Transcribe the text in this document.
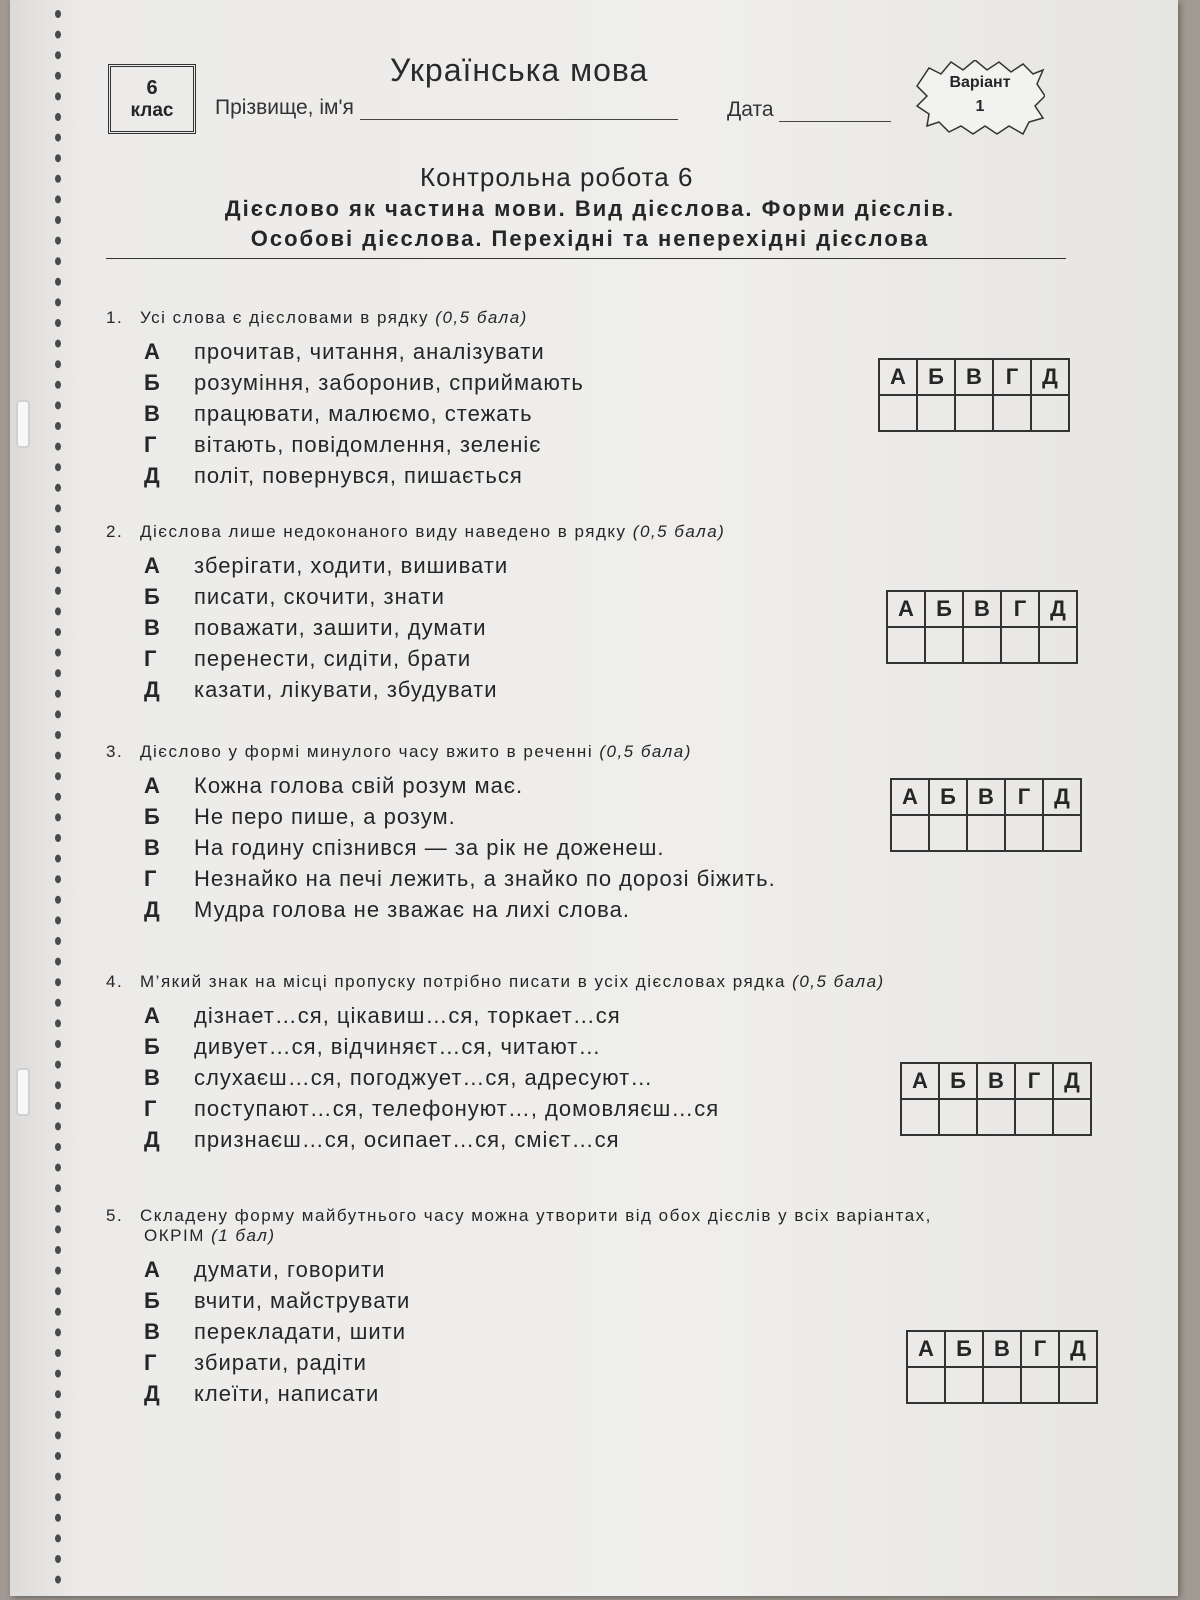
6
клас
Українська мова
Прізвище, ім'я	Дата
Варіант
1
Контрольна робота 6
Дієслово як частина мови. Вид дієслова. Форми дієслів.
Особові дієслова. Перехідні та неперехідні дієслова
1. Усі слова є дієсловами в рядку (0,5 бала)
А прочитав, читання, аналізувати
Б розуміння, заборонив, сприймають
В працювати, малюємо, стежать
Г вітають, повідомлення, зеленіє
Д політ, повернувся, пишається
А	Б	В	Г	Д

2. Дієслова лише недоконаного виду наведено в рядку (0,5 бала)
А зберігати, ходити, вишивати
Б писати, скочити, знати
В поважати, зашити, думати
Г перенести, сидіти, брати
Д казати, лікувати, збудувати
А	Б	В	Г	Д

3. Дієслово у формі минулого часу вжито в реченні (0,5 бала)
А Кожна голова свій розум має.
Б Не перо пише, а розум.
В На годину спізнився — за рік не доженеш.
Г Незнайко на печі лежить, а знайко по дорозі біжить.
Д Мудра голова не зважає на лихі слова.
А	Б	В	Г	Д

4. М’який знак на місці пропуску потрібно писати в усіх дієсловах рядка (0,5 бала)
А дізнает…ся, цікавиш…ся, торкает…ся
Б дивует…ся, відчиняєт…ся, читают…
В слухаєш…ся, погоджует…ся, адресуют…
Г поступают…ся, телефонуют…, домовляєш…ся
Д признаєш…ся, осипает…ся, смієт…ся
А	Б	В	Г	Д

5. Складену форму майбутнього часу можна утворити від обох дієслів у всіх варіантах,
ОКРІМ (1 бал)
А думати, говорити
Б вчити, майструвати
В перекладати, шити
Г збирати, радіти
Д клеїти, написати
А	Б	В	Г	Д
